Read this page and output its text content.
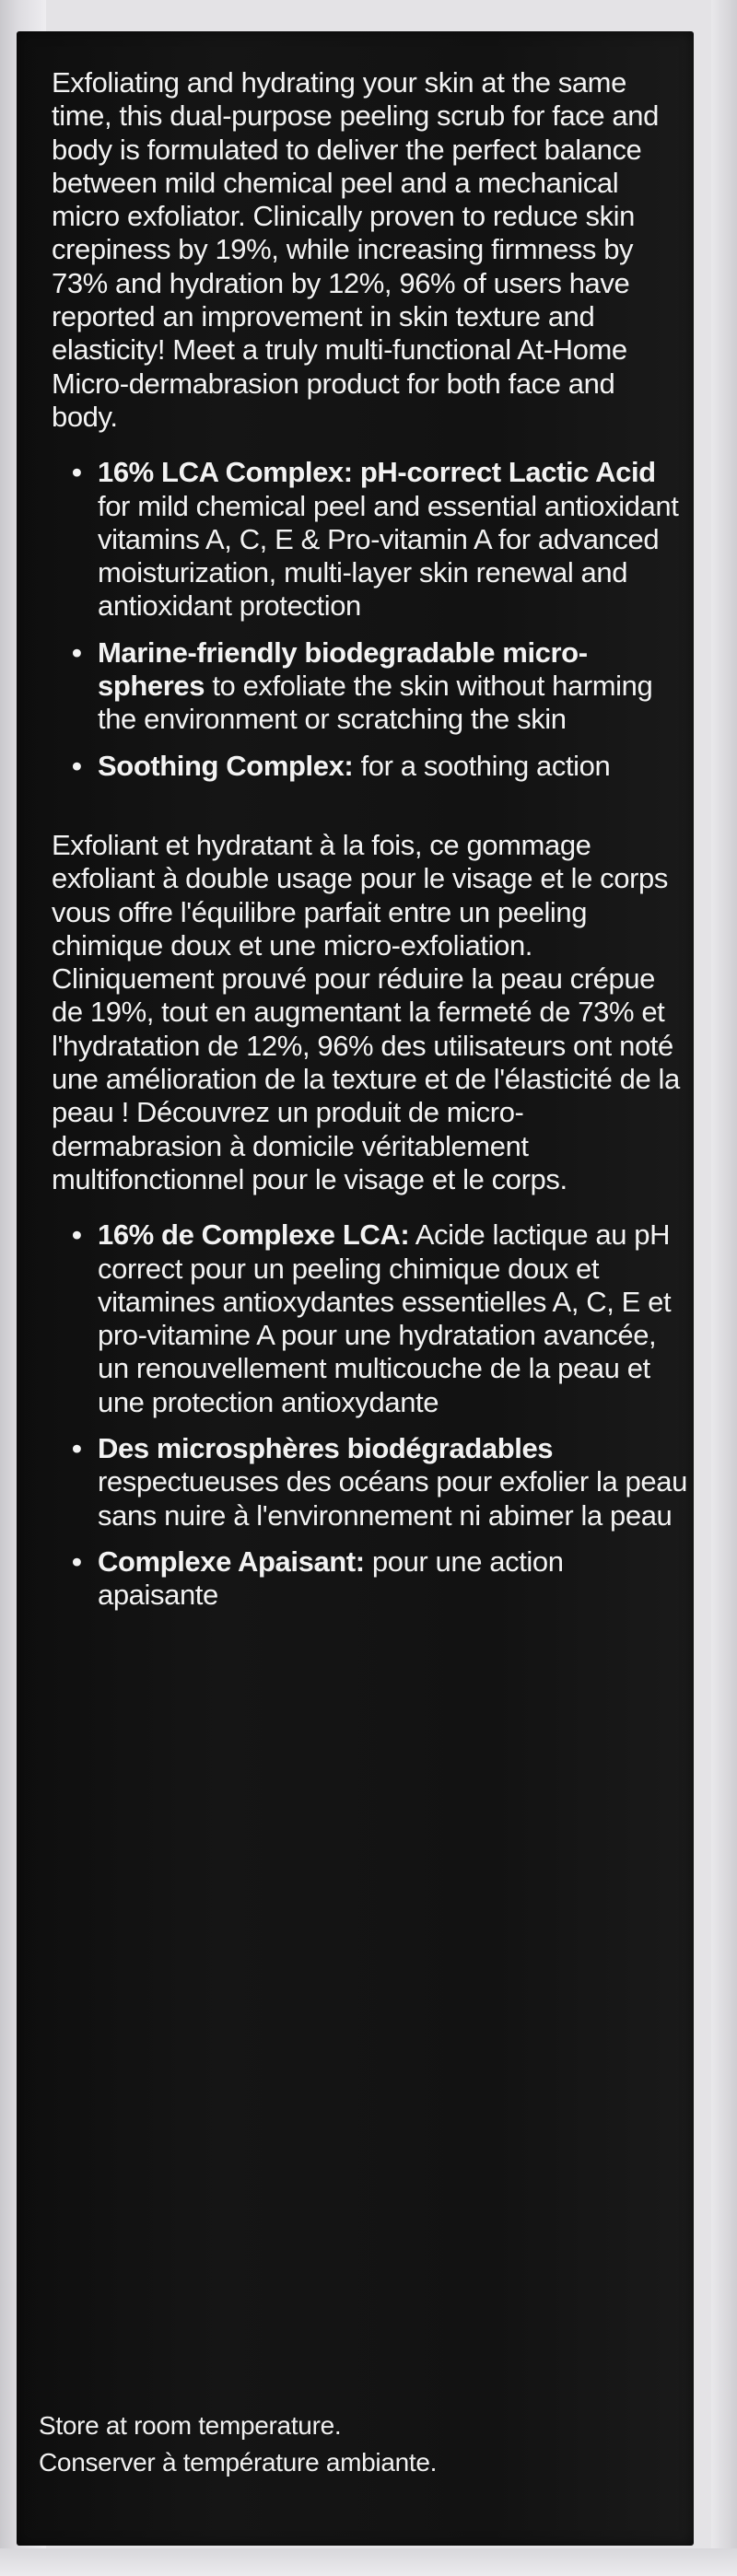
Exfoliating and hydrating your skin at the same time, this dual-purpose peeling scrub for face and body is formulated to deliver the perfect balance between mild chemical peel and a mechanical micro exfoliator. Clinically proven to reduce skin crepiness by 19%, while increasing firmness by 73% and hydration by 12%, 96% of users have reported an improvement in skin texture and elasticity! Meet a truly multi-functional At-Home Micro-dermabrasion product for both face and body.

• 16% LCA Complex: pH-correct Lactic Acid for mild chemical peel and essential antioxidant vitamins A, C, E & Pro-vitamin A for advanced moisturization, multi-layer skin renewal and antioxidant protection
• Marine-friendly biodegradable micro-spheres to exfoliate the skin without harming the environment or scratching the skin
• Soothing Complex: for a soothing action

Exfoliant et hydratant à la fois, ce gommage exfoliant à double usage pour le visage et le corps vous offre l'équilibre parfait entre un peeling chimique doux et une micro-exfoliation. Cliniquement prouvé pour réduire la peau crépue de 19%, tout en augmentant la fermeté de 73% et l'hydratation de 12%, 96% des utilisateurs ont noté une amélioration de la texture et de l'élasticité de la peau ! Découvrez un produit de micro-dermabrasion à domicile véritablement multifonctionnel pour le visage et le corps.

• 16% de Complexe LCA: Acide lactique au pH correct pour un peeling chimique doux et vitamines antioxydantes essentielles A, C, E et pro-vitamine A pour une hydratation avancée, un renouvellement multicouche de la peau et une protection antioxydante
• Des microsphères biodégradables respectueuses des océans pour exfolier la peau sans nuire à l'environnement ni abimer la peau
• Complexe Apaisant: pour une action apaisante
Store at room temperature.
Conserver à température ambiante.
